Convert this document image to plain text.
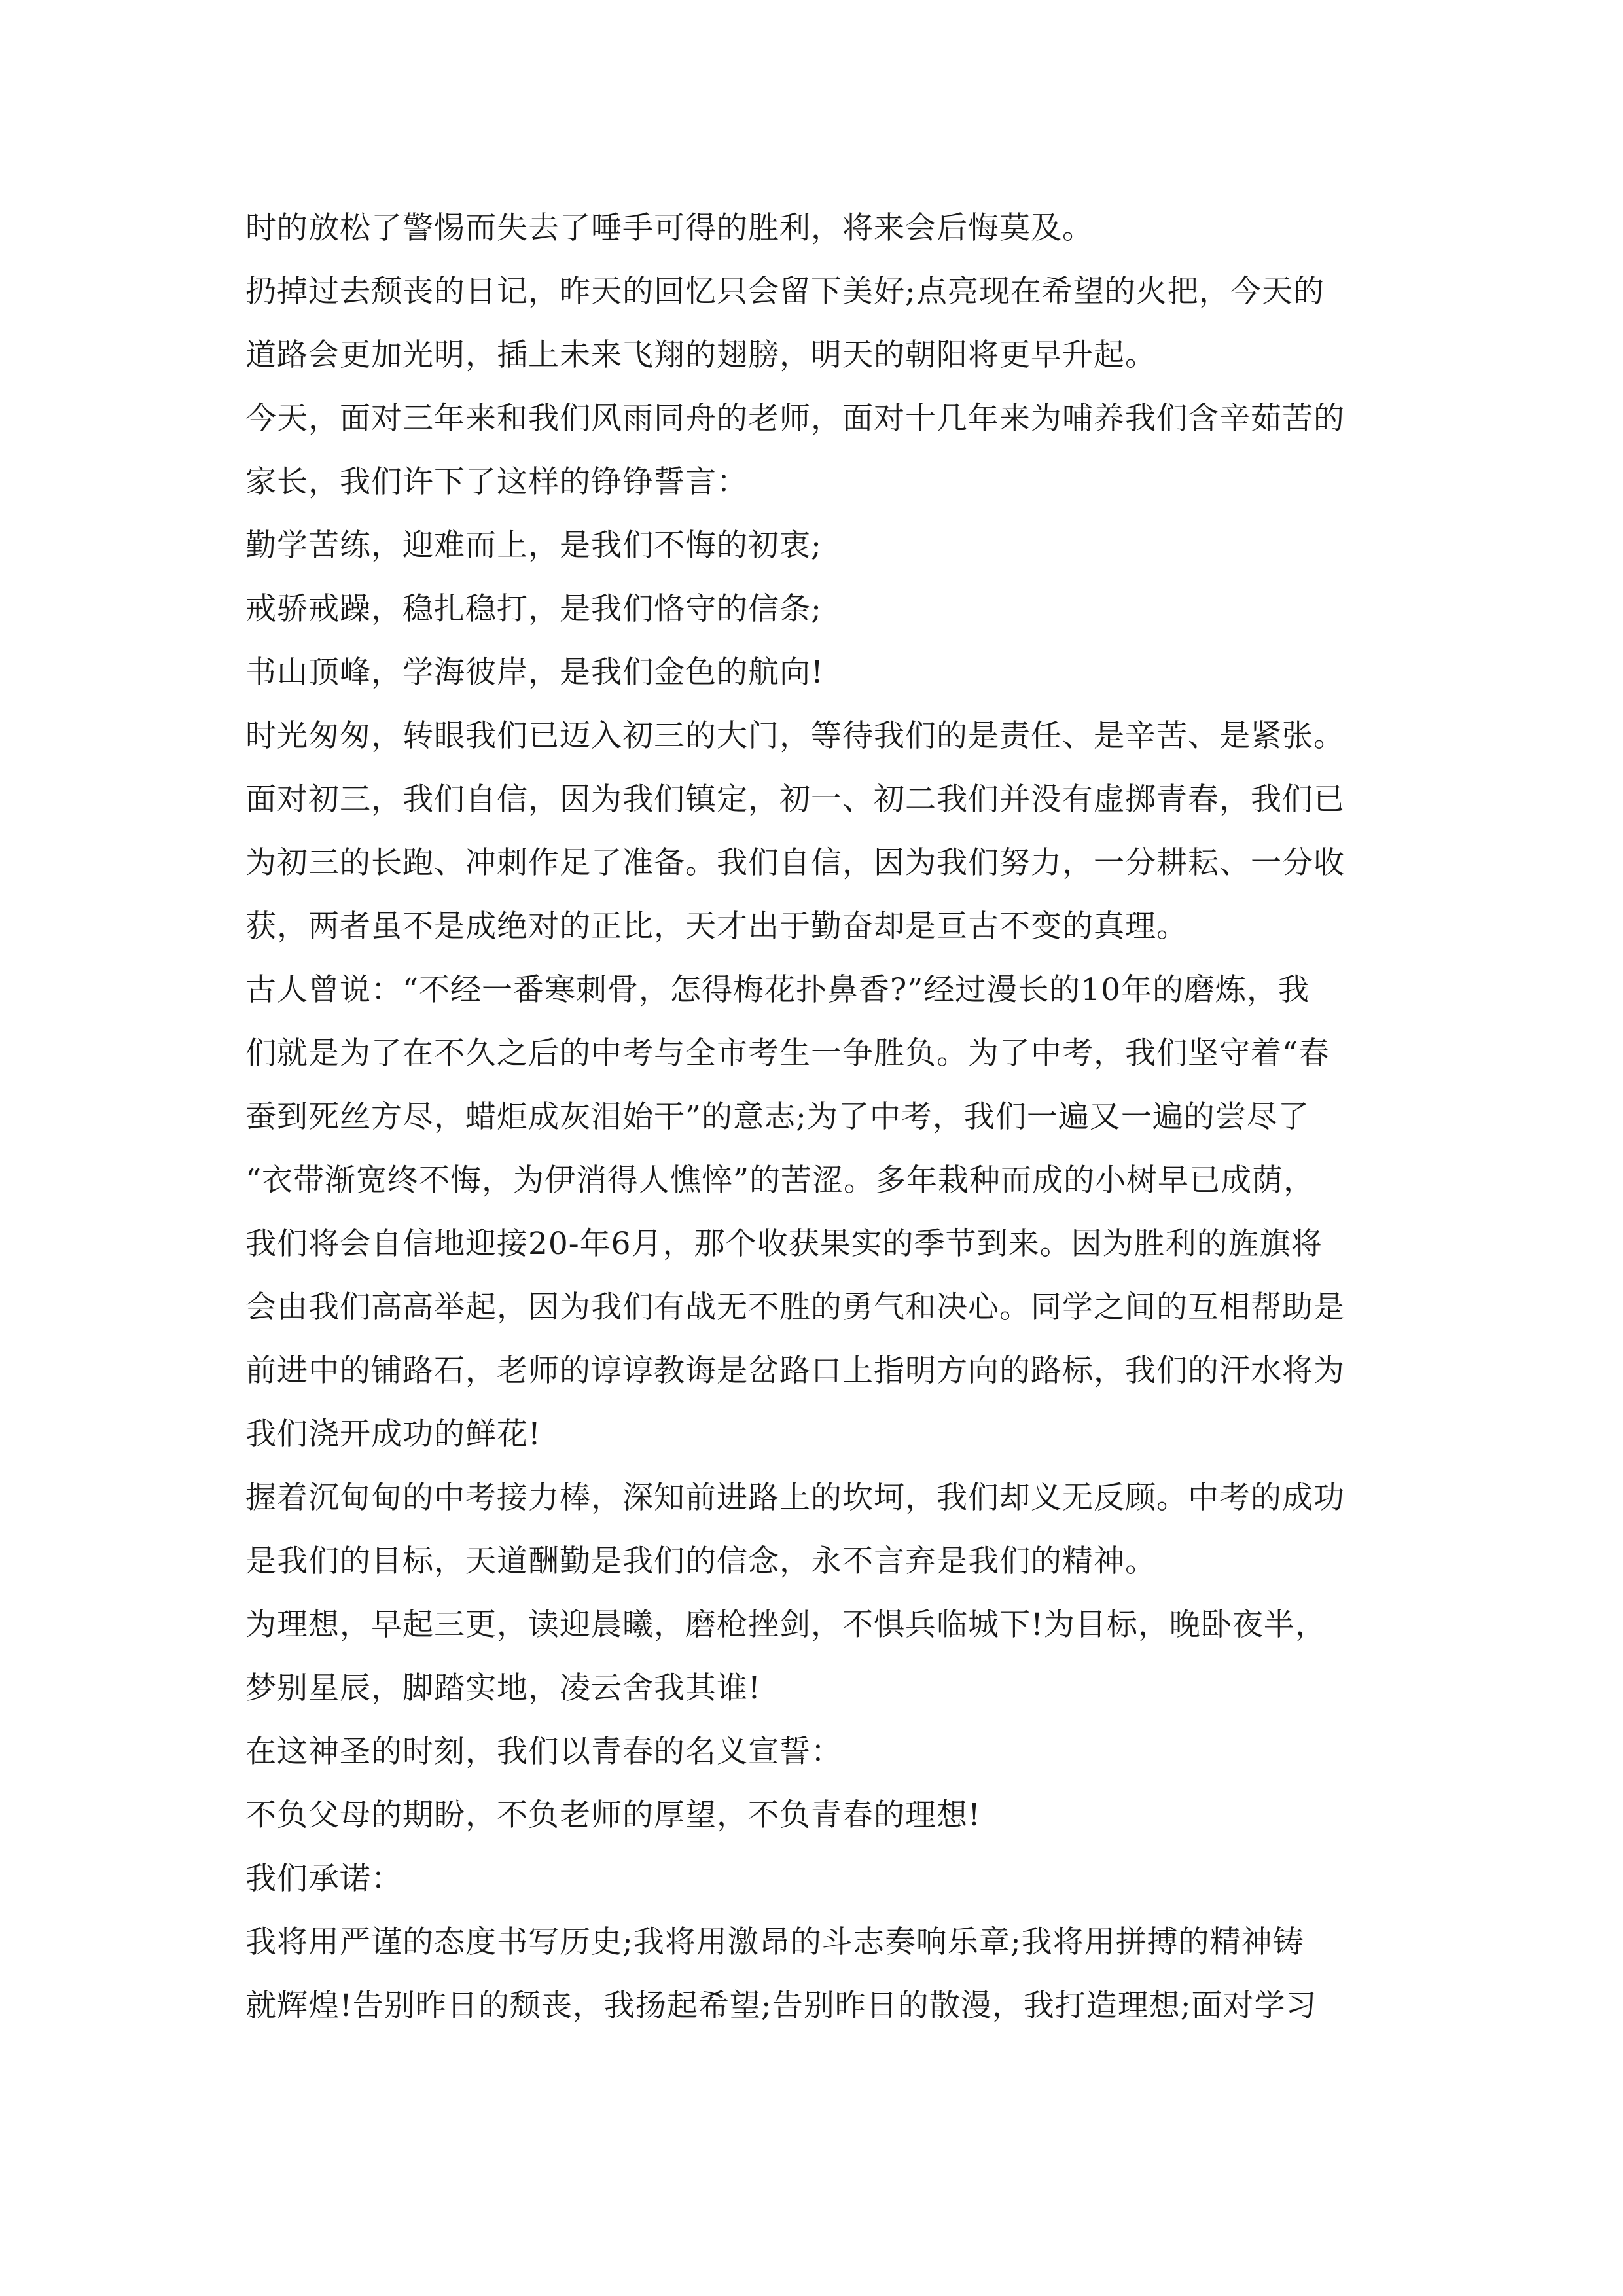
时的放松了警惕而失去了唾手可得的胜利，将来会后悔莫及。
扔掉过去颓丧的日记，昨天的回忆只会留下美好;点亮现在希望的火把，今天的
道路会更加光明，插上未来飞翔的翅膀，明天的朝阳将更早升起。
今天，面对三年来和我们风雨同舟的老师，面对十几年来为哺养我们含辛茹苦的
家长，我们许下了这样的铮铮誓言：
勤学苦练，迎难而上，是我们不悔的初衷;
戒骄戒躁，稳扎稳打，是我们恪守的信条;
书山顶峰，学海彼岸，是我们金色的航向!
时光匆匆，转眼我们已迈入初三的大门，等待我们的是责任、是辛苦、是紧张。
面对初三，我们自信，因为我们镇定，初一、初二我们并没有虚掷青春，我们已
为初三的长跑、冲刺作足了准备。我们自信，因为我们努力，一分耕耘、一分收
获，两者虽不是成绝对的正比，天才出于勤奋却是亘古不变的真理。
古人曾说：“不经一番寒刺骨，怎得梅花扑鼻香?”经过漫长的10年的磨炼，我
们就是为了在不久之后的中考与全市考生一争胜负。为了中考，我们坚守着“春
蚕到死丝方尽，蜡炬成灰泪始干”的意志;为了中考，我们一遍又一遍的尝尽了
“衣带渐宽终不悔，为伊消得人憔悴”的苦涩。多年栽种而成的小树早已成荫，
我们将会自信地迎接20-年6月，那个收获果实的季节到来。因为胜利的旌旗将
会由我们高高举起，因为我们有战无不胜的勇气和决心。同学之间的互相帮助是
前进中的铺路石，老师的谆谆教诲是岔路口上指明方向的路标，我们的汗水将为
我们浇开成功的鲜花!
握着沉甸甸的中考接力棒，深知前进路上的坎坷，我们却义无反顾。中考的成功
是我们的目标，天道酬勤是我们的信念，永不言弃是我们的精神。
为理想，早起三更，读迎晨曦，磨枪挫剑，不惧兵临城下!为目标，晚卧夜半，
梦别星辰，脚踏实地，凌云舍我其谁!
在这神圣的时刻，我们以青春的名义宣誓：
不负父母的期盼，不负老师的厚望，不负青春的理想!
我们承诺：
我将用严谨的态度书写历史;我将用激昂的斗志奏响乐章;我将用拼搏的精神铸
就辉煌!告别昨日的颓丧，我扬起希望;告别昨日的散漫，我打造理想;面对学习
